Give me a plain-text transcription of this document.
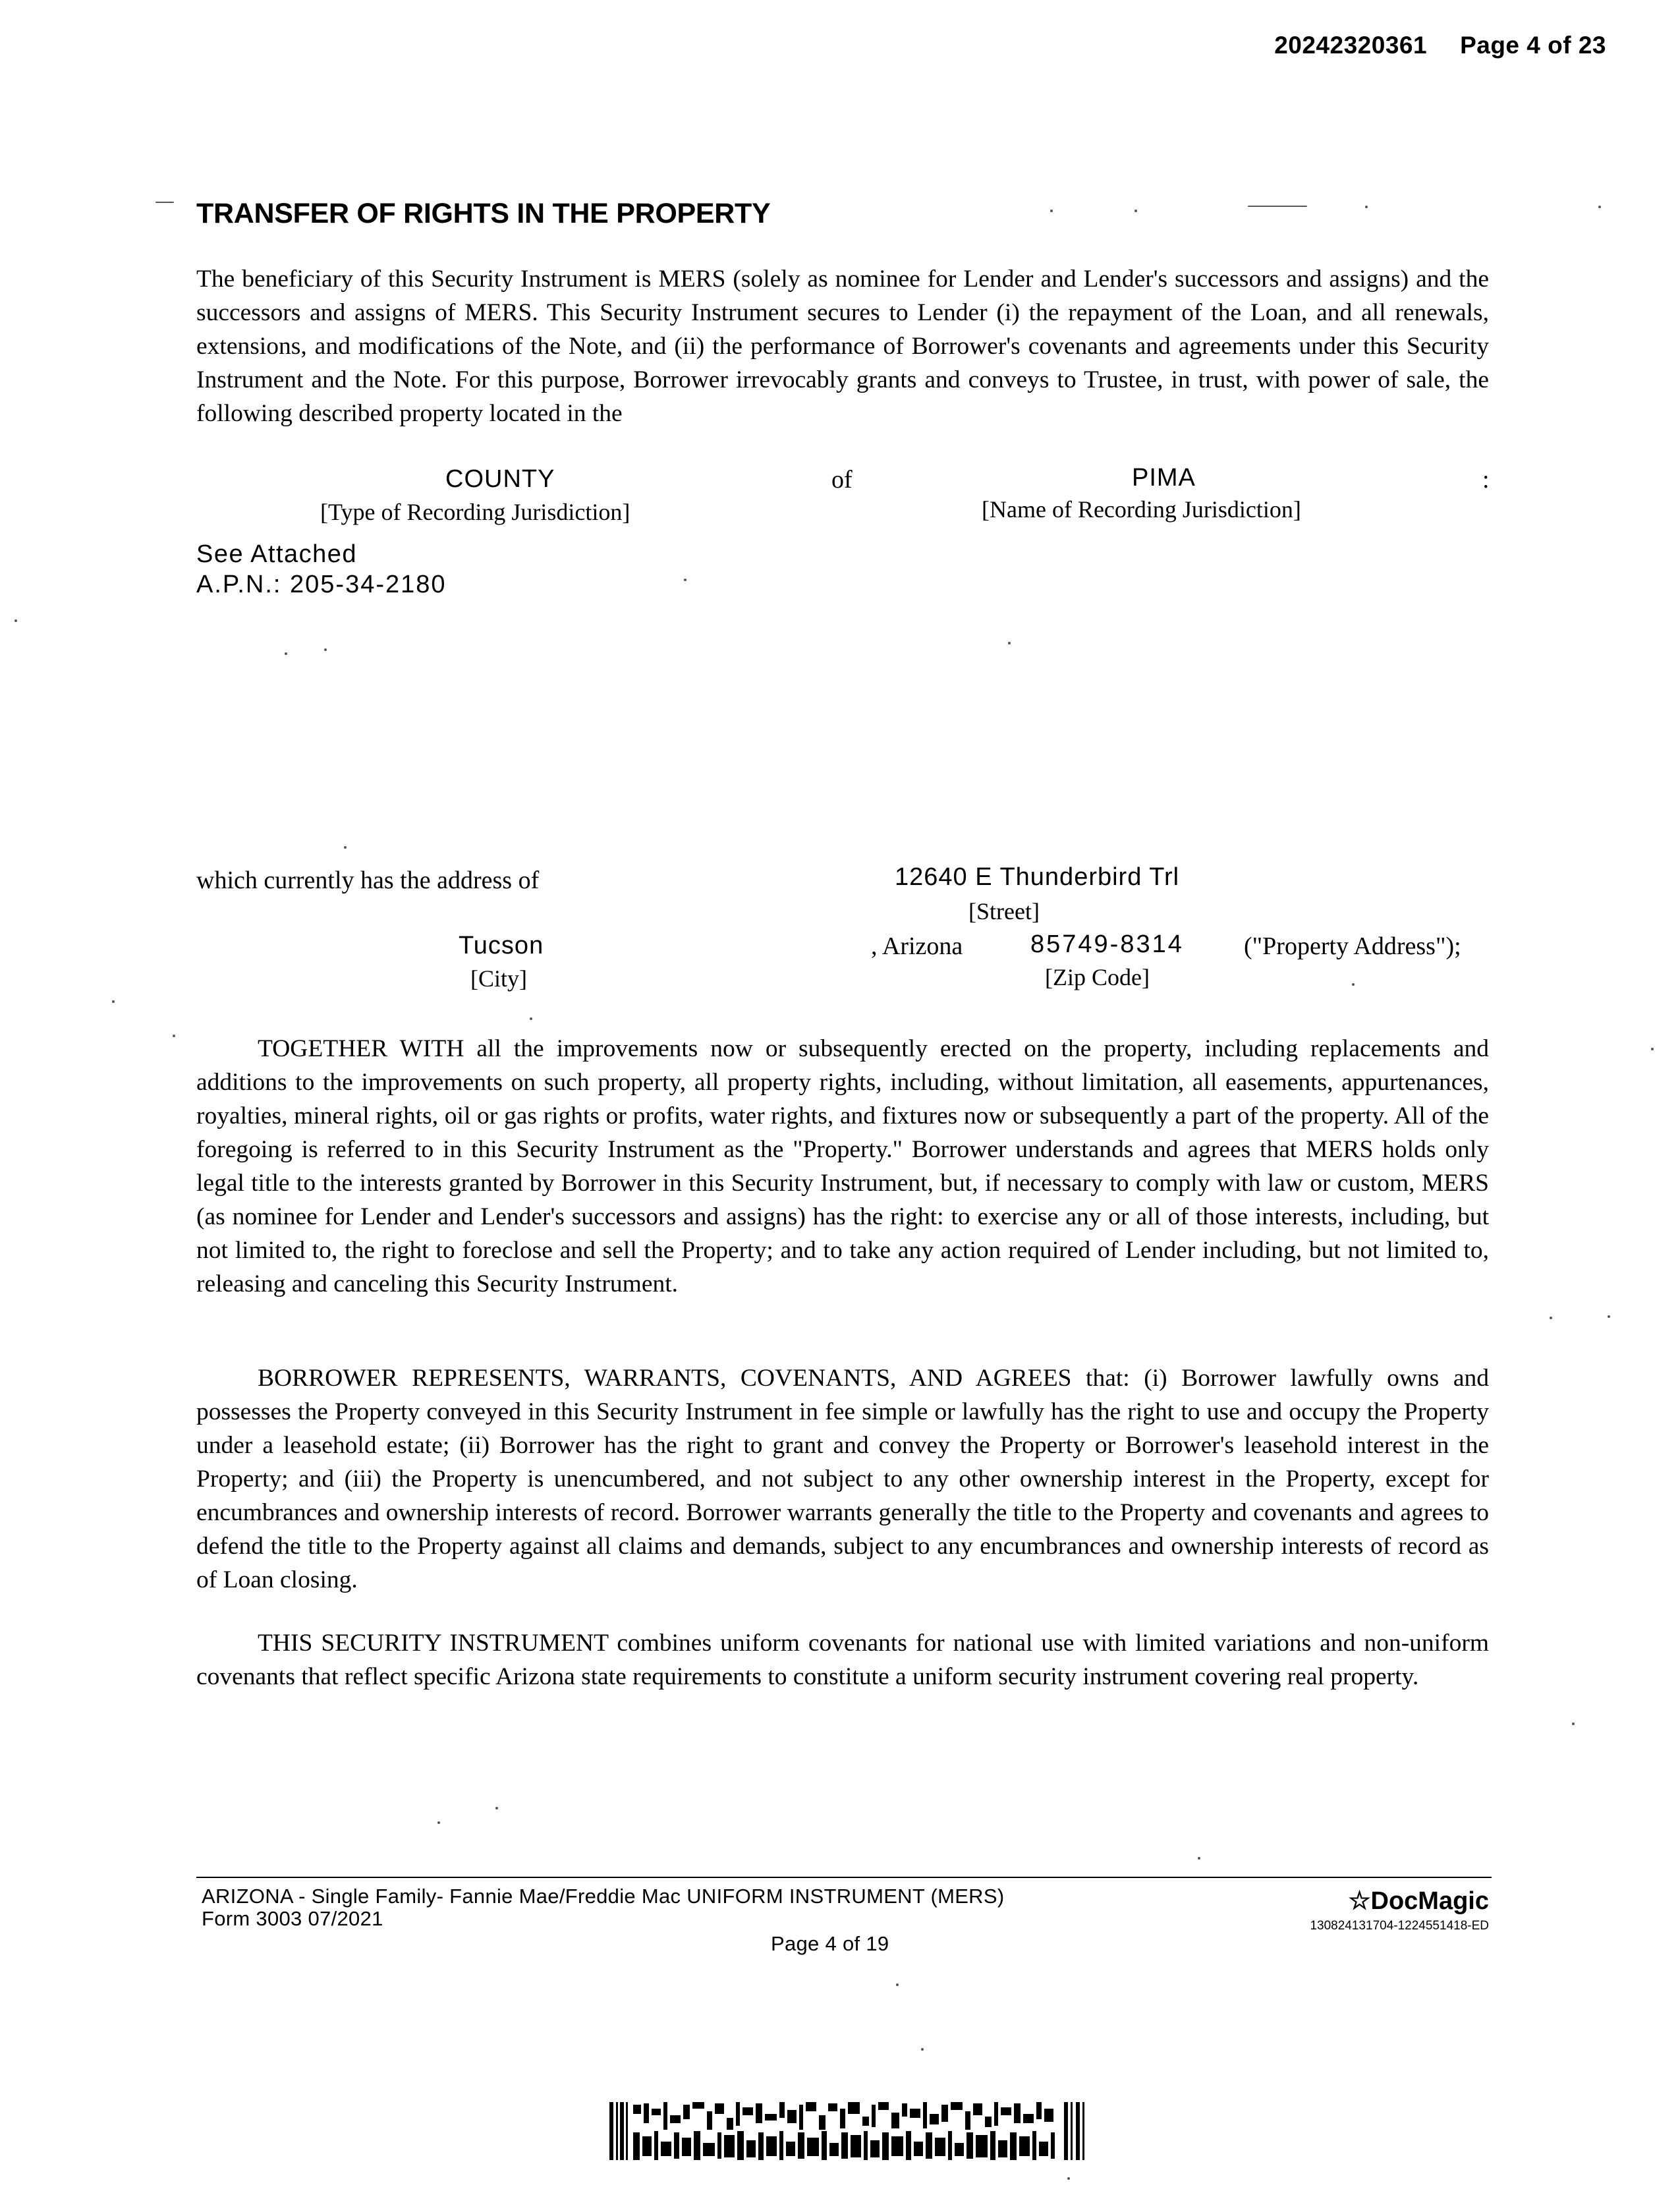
20242320361 Page 4 of 23
TRANSFER OF RIGHTS IN THE PROPERTY
The beneficiary of this Security Instrument is MERS (solely as nominee for Lender and Lender's successors and assigns) and the successors and assigns of MERS. This Security Instrument secures to Lender (i) the repayment of the Loan, and all renewals, extensions, and modifications of the Note, and (ii) the performance of Borrower's covenants and agreements under this Security Instrument and the Note. For this purpose, Borrower irrevocably grants and conveys to Trustee, in trust, with power of sale, the following described property located in the
COUNTY	of	PIMA	:
[Type of Recording Jurisdiction]	[Name of Recording Jurisdiction]
See Attached
A.P.N.: 205-34-2180
which currently has the address of	12640 E Thunderbird Trl
[Street]
Tucson	, Arizona	85749-8314 ("Property Address");
[City]	[Zip Code]
TOGETHER WITH all the improvements now or subsequently erected on the property, including replacements and additions to the improvements on such property, all property rights, including, without limitation, all easements, appurtenances, royalties, mineral rights, oil or gas rights or profits, water rights, and fixtures now or subsequently a part of the property. All of the foregoing is referred to in this Security Instrument as the "Property." Borrower understands and agrees that MERS holds only legal title to the interests granted by Borrower in this Security Instrument, but, if necessary to comply with law or custom, MERS (as nominee for Lender and Lender's successors and assigns) has the right: to exercise any or all of those interests, including, but not limited to, the right to foreclose and sell the Property; and to take any action required of Lender including, but not limited to, releasing and canceling this Security Instrument.
BORROWER REPRESENTS, WARRANTS, COVENANTS, AND AGREES that: (i) Borrower lawfully owns and possesses the Property conveyed in this Security Instrument in fee simple or lawfully has the right to use and occupy the Property under a leasehold estate; (ii) Borrower has the right to grant and convey the Property or Borrower's leasehold interest in the Property; and (iii) the Property is unencumbered, and not subject to any other ownership interest in the Property, except for encumbrances and ownership interests of record. Borrower warrants generally the title to the Property and covenants and agrees to defend the title to the Property against all claims and demands, subject to any encumbrances and ownership interests of record as of Loan closing.
THIS SECURITY INSTRUMENT combines uniform covenants for national use with limited variations and non-uniform covenants that reflect specific Arizona state requirements to constitute a uniform security instrument covering real property.
ARIZONA - Single Family- Fannie Mae/Freddie Mac UNIFORM INSTRUMENT (MERS)
Form 3003 07/2021
Page 4 of 19
☆DocMagic
130824131704-1224551418-ED
